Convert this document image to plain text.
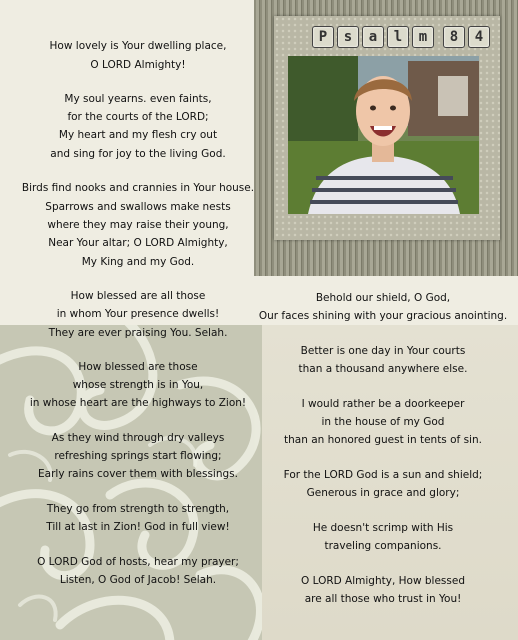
P	s	a	l	m	8	4
How lovely is Your dwelling place,
O LORD Almighty!
My soul yearns. even faints,
for the courts of the LORD;
My heart and my flesh cry out
and sing for joy to the living God.
Birds find nooks and crannies in Your house.
Sparrows and swallows make nests
where they may raise their young,
Near Your altar; O LORD Almighty,
My King and my God.
How blessed are all those
in whom Your presence dwells!
They are ever praising You. Selah.
How blessed are those
whose strength is in You,
in whose heart are the highways to Zion!
As they wind through dry valleys
refreshing springs start flowing;
Early rains cover them with blessings.
They go from strength to strength,
Till at last in Zion! God in full view!
O LORD God of hosts, hear my prayer;
Listen, O God of Jacob! Selah.
Behold our shield, O God,
Our faces shining with your gracious anointing.
Better is one day in Your courts
than a thousand anywhere else.
I would rather be a doorkeeper
in the house of my God
than an honored guest in tents of sin.
For the LORD God is a sun and shield;
Generous in grace and glory;
He doesn't scrimp with His
traveling companions.
O LORD Almighty, How blessed
are all those who trust in You!
